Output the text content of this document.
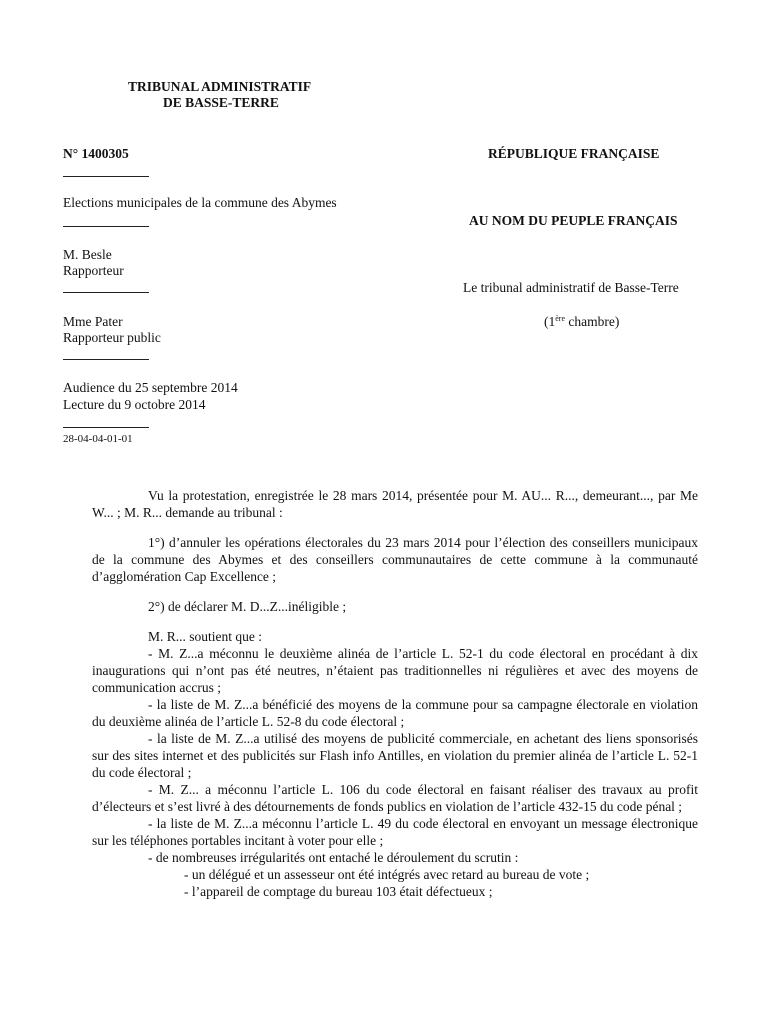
TRIBUNAL ADMINISTRATIF
DE BASSE-TERRE
N° 1400305
Elections municipales de la commune des Abymes
M. Besle
Rapporteur
Mme Pater
Rapporteur public
Audience du 25 septembre 2014
Lecture du 9 octobre 2014
28-04-04-01-01
RÉPUBLIQUE FRANÇAISE
AU NOM DU PEUPLE FRANÇAIS
Le tribunal administratif de Basse-Terre
(1ère chambre)

Vu la protestation, enregistrée le 28 mars 2014, présentée pour M. AU... R..., demeurant..., par Me W... ; M. R... demande au tribunal :

1°) d’annuler les opérations électorales du 23 mars 2014 pour l’élection des conseillers municipaux de la commune des Abymes et des conseillers communautaires de cette commune à la communauté d’agglomération Cap Excellence ;

2°) de déclarer M. D...Z...inéligible ;

M. R... soutient que :

- M. Z...a méconnu le deuxième alinéa de l’article L. 52-1 du code électoral en procédant à dix inaugurations qui n’ont pas été neutres, n’étaient pas traditionnelles ni régulières et avec des moyens de communication accrus ;

- la liste de M. Z...a bénéficié des moyens de la commune pour sa campagne électorale en violation du deuxième alinéa de l’article L. 52-8 du code électoral ;

- la liste de M. Z...a utilisé des moyens de publicité commerciale, en achetant des liens sponsorisés sur des sites internet et des publicités sur Flash info Antilles, en violation du premier alinéa de l’article L. 52-1 du code électoral ;

- M. Z... a méconnu l’article L. 106 du code électoral en faisant réaliser des travaux au profit d’électeurs et s’est livré à des détournements de fonds publics en violation de l’article 432-15 du code pénal ;

- la liste de M. Z...a méconnu l’article L. 49 du code électoral en envoyant un message électronique sur les téléphones portables incitant à voter pour elle ;

- de nombreuses irrégularités ont entaché le déroulement du scrutin :

- un délégué et un assesseur ont été intégrés avec retard au bureau de vote ;

- l’appareil de comptage du bureau 103 était défectueux ;
